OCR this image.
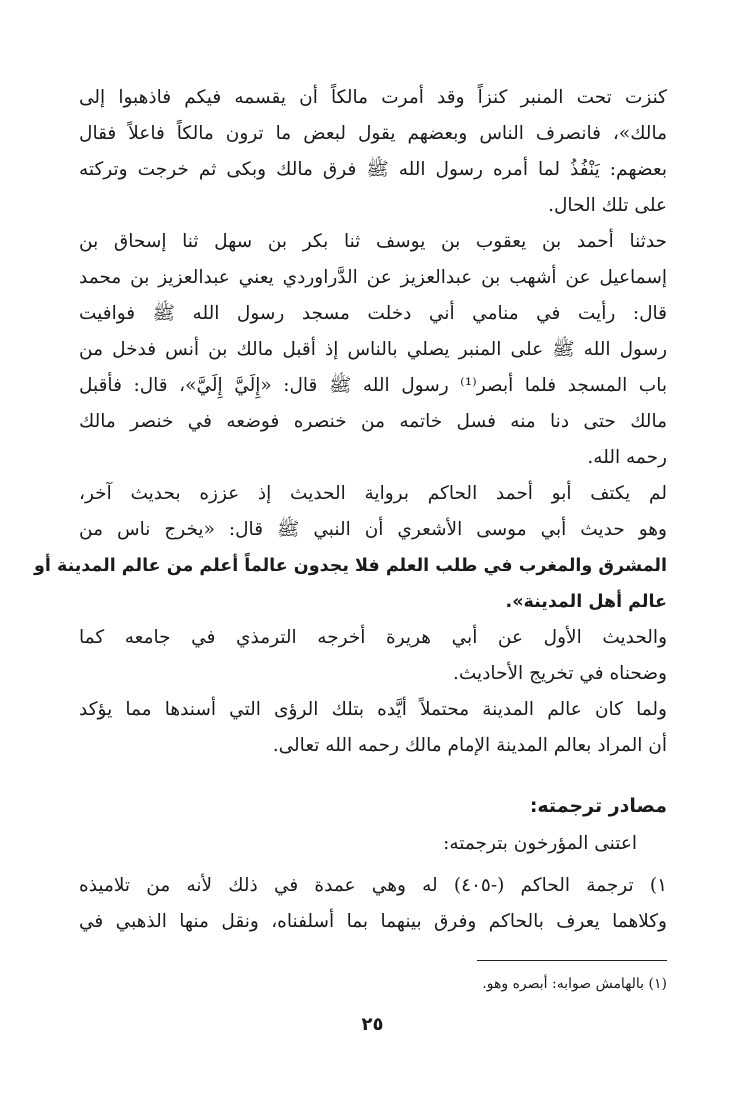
كنزت تحت المنبر كنزاً وقد أمرت مالكاً أن يقسمه فيكم فاذهبوا إلى
مالك»، فانصرف الناس وبعضهم يقول لبعض ما ترون مالكاً فاعلاً فقال
بعضهم: يَنْفُذُ لما أمره رسول الله ﷺ فرق مالك وبكى ثم خرجت وتركته
على تلك الحال.
حدثنا أحمد بن يعقوب بن يوسف ثنا بكر بن سهل ثنا إسحاق بن
إسماعيل عن أشهب بن عبدالعزيز عن الدَّراوردي يعني عبدالعزيز بن محمد
قال: رأيت في منامي أني دخلت مسجد رسول الله ﷺ فوافيت
رسول الله ﷺ على المنبر يصلي بالناس إذ أقبل مالك بن أنس فدخل من
باب المسجد فلما أبصر⁽¹⁾ رسول الله ﷺ قال: «إِلَيَّ إِلَيَّ»، قال: فأقبل
مالك حتى دنا منه فسل خاتمه من خنصره فوضعه في خنصر مالك
رحمه الله.
لم يكتف أبو أحمد الحاكم برواية الحديث إذ عززه بحديث آخر،
وهو حديث أبي موسى الأشعري أن النبي ﷺ قال: «يخرج ناس من
المشرق والمغرب في طلب العلم فلا يجدون عالماً أعلم من عالم المدينة أو
عالم أهل المدينة».
والحديث الأول عن أبي هريرة أخرجه الترمذي في جامعه كما
وضحناه في تخريج الأحاديث.
ولما كان عالم المدينة محتملاً أيَّده بتلك الرؤى التي أسندها مما يؤكد
أن المراد بعالم المدينة الإمام مالك رحمه الله تعالى.
مصادر ترجمته:
اعتنى المؤرخون بترجمته:
١) ترجمة الحاكم (-٤٠٥) له وهي عمدة في ذلك لأنه من تلاميذه
وكلاهما يعرف بالحاكم وفرق بينهما بما أسلفناه، ونقل منها الذهبي في
(١) بالهامش صوابه: أبصره وهو.
٢٥
